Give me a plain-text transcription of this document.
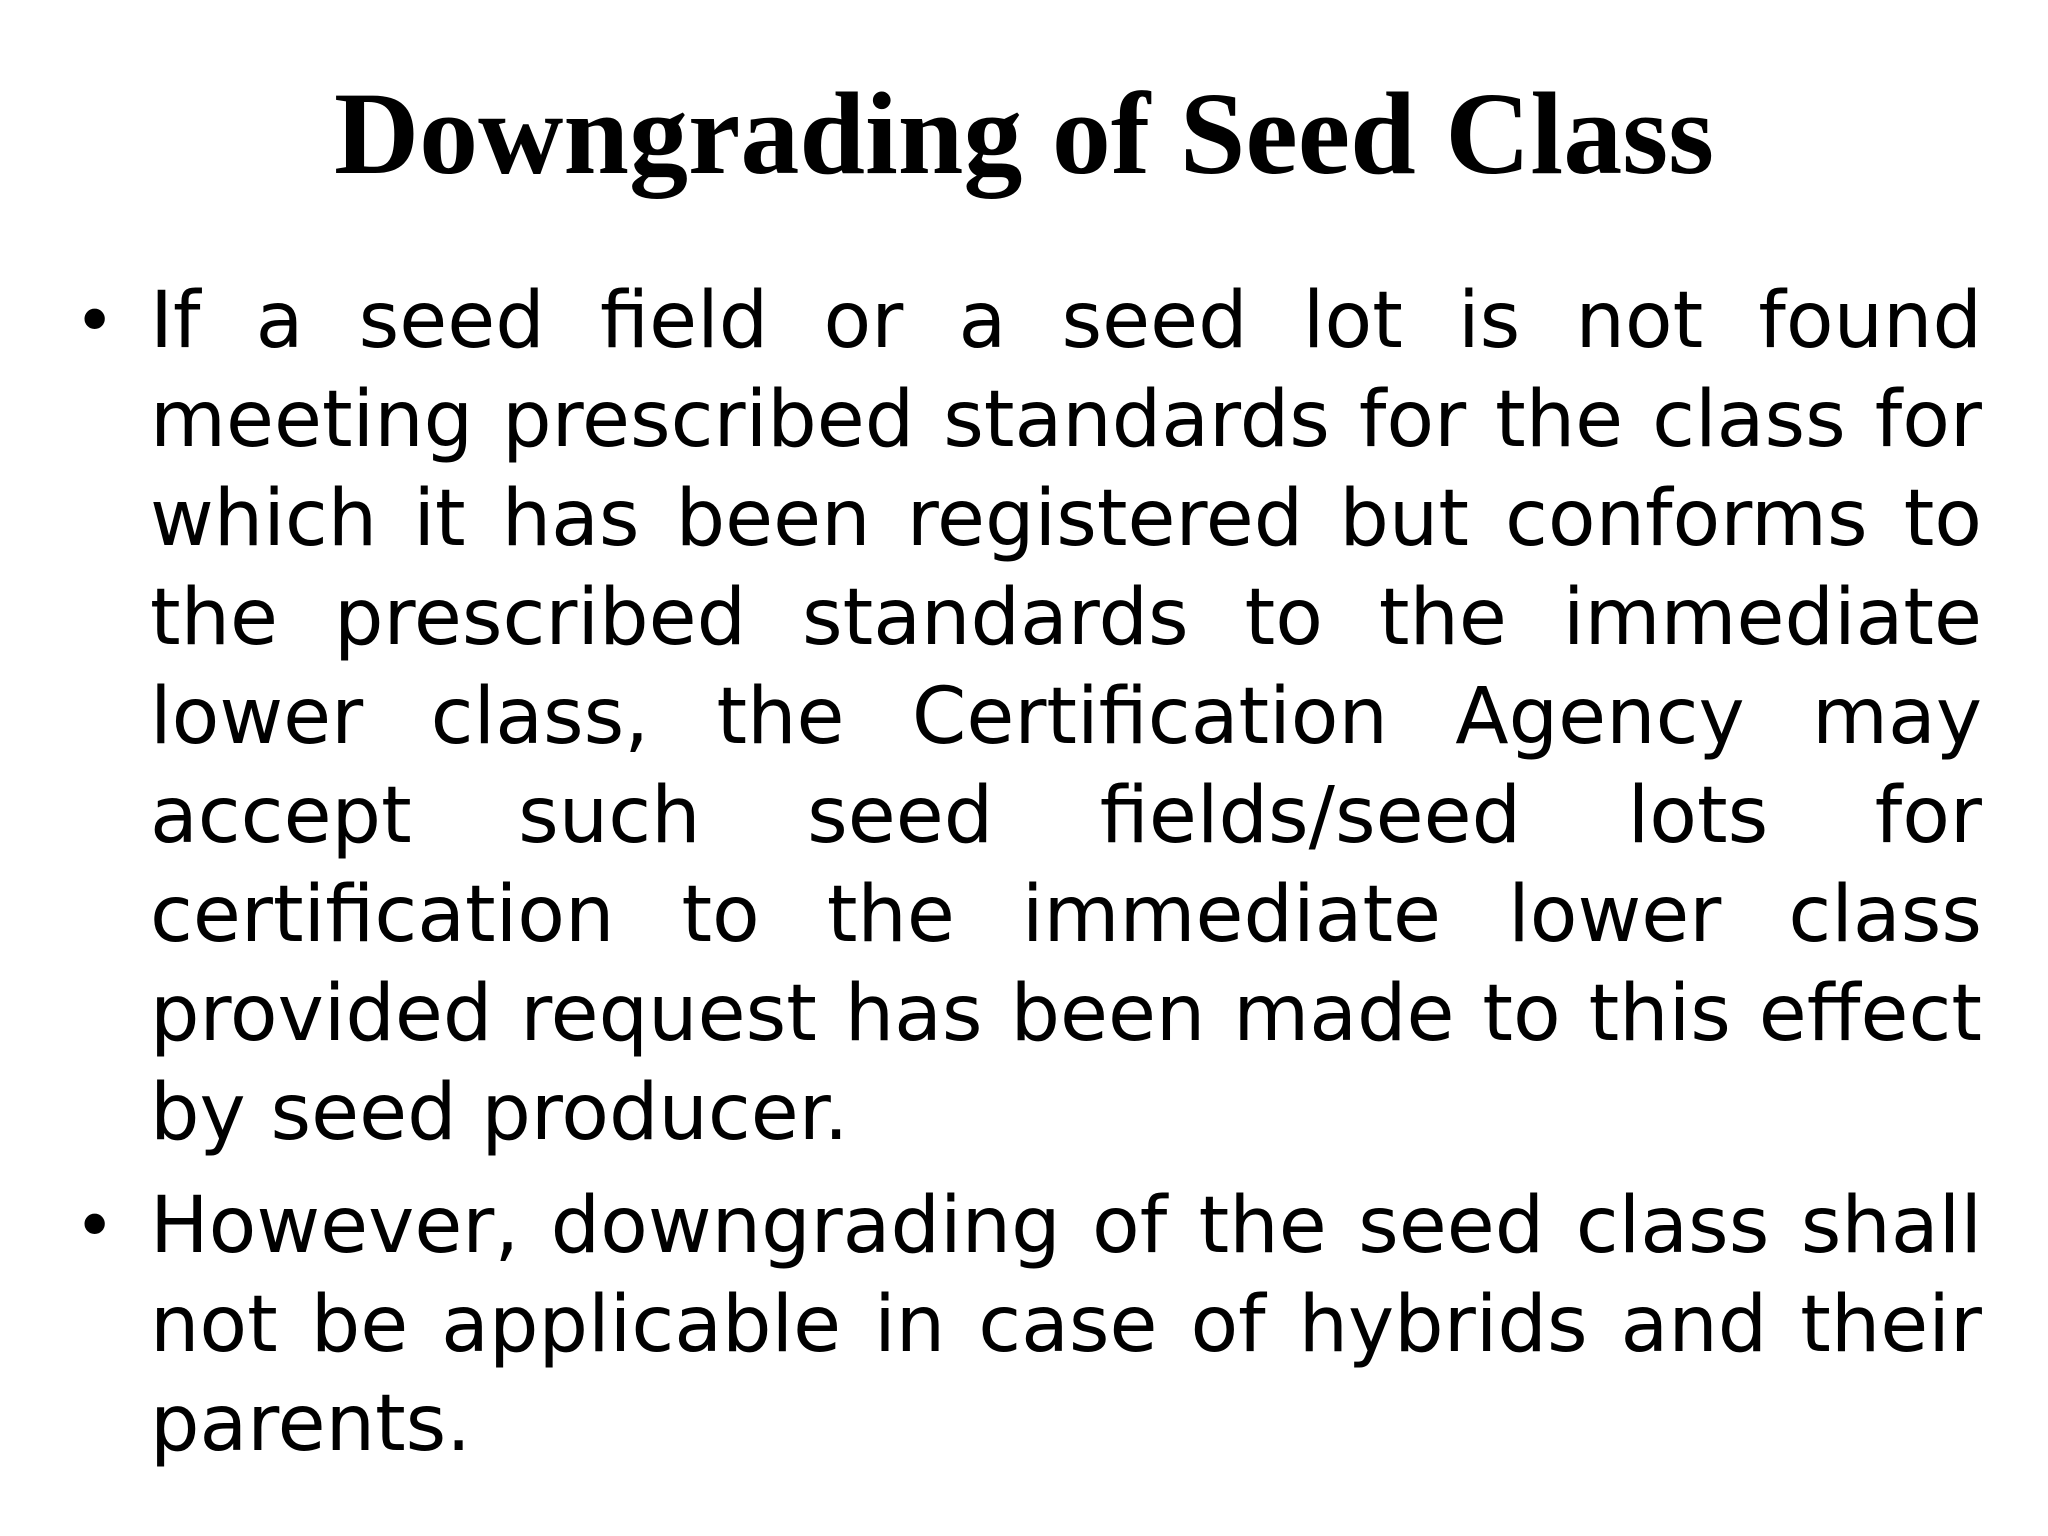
Downgrading of Seed Class
• If a seed field or a seed lot is not found meeting prescribed standards for the class for which it has been registered but conforms to the prescribed standards to the immediate lower class, the Certification Agency may accept such seed fields/seed lots for certification to the immediate lower class provided request has been made to this effect by seed producer.
• However, downgrading of the seed class shall not be applicable in case of hybrids and their parents.
